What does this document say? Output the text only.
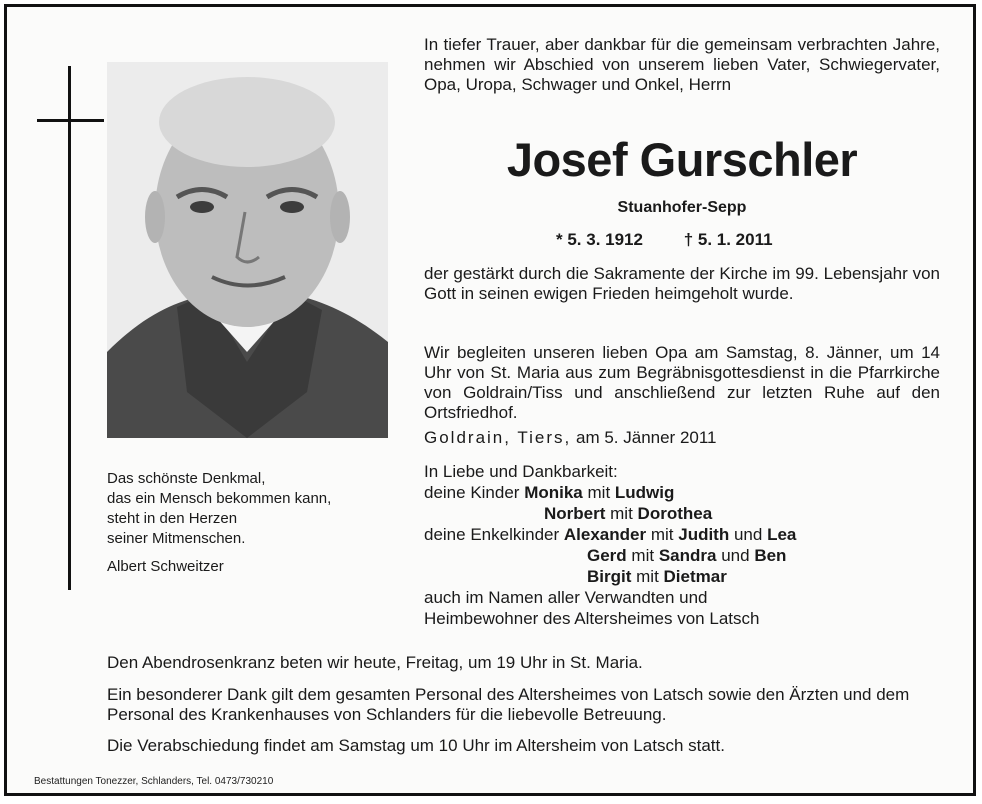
Das schönste Denkmal,

das ein Mensch bekommen kann,

steht in den Herzen

seiner Mitmenschen.

Albert Schweitzer

In tiefer Trauer, aber dankbar für die gemeinsam verbrachten Jahre, nehmen wir Abschied von unserem lieben Vater, Schwiegervater, Opa, Uropa, Schwager und Onkel, Herrn
Josef Gurschler
Stuanhofer-Sepp
* 5. 3. 1912 † 5. 1. 2011
der gestärkt durch die Sakramente der Kirche im 99. Lebensjahr von Gott in seinen ewigen Frieden heimgeholt wurde.
Wir begleiten unseren lieben Opa am Samstag, 8. Jänner, um 14 Uhr von St. Maria aus zum Begräbnisgottesdienst in die Pfarrkirche von Goldrain/Tiss und anschließend zur letzten Ruhe auf den Ortsfriedhof.
Goldrain, Tiers, am 5. Jänner 2011
In Liebe und Dankbarkeit:
deine Kinder Monika mit Ludwig
Norbert mit Dorothea
deine Enkelkinder Alexander mit Judith und Lea
Gerd mit Sandra und Ben
Birgit mit Dietmar
auch im Namen aller Verwandten und
Heimbewohner des Altersheimes von Latsch
Den Abendrosenkranz beten wir heute, Freitag, um 19 Uhr in St. Maria.
Ein besonderer Dank gilt dem gesamten Personal des Altersheimes von Latsch sowie den Ärzten und dem Personal des Krankenhauses von Schlanders für die liebevolle Betreuung.
Die Verabschiedung findet am Samstag um 10 Uhr im Altersheim von Latsch statt.
Bestattungen Tonezzer, Schlanders, Tel. 0473/730210
